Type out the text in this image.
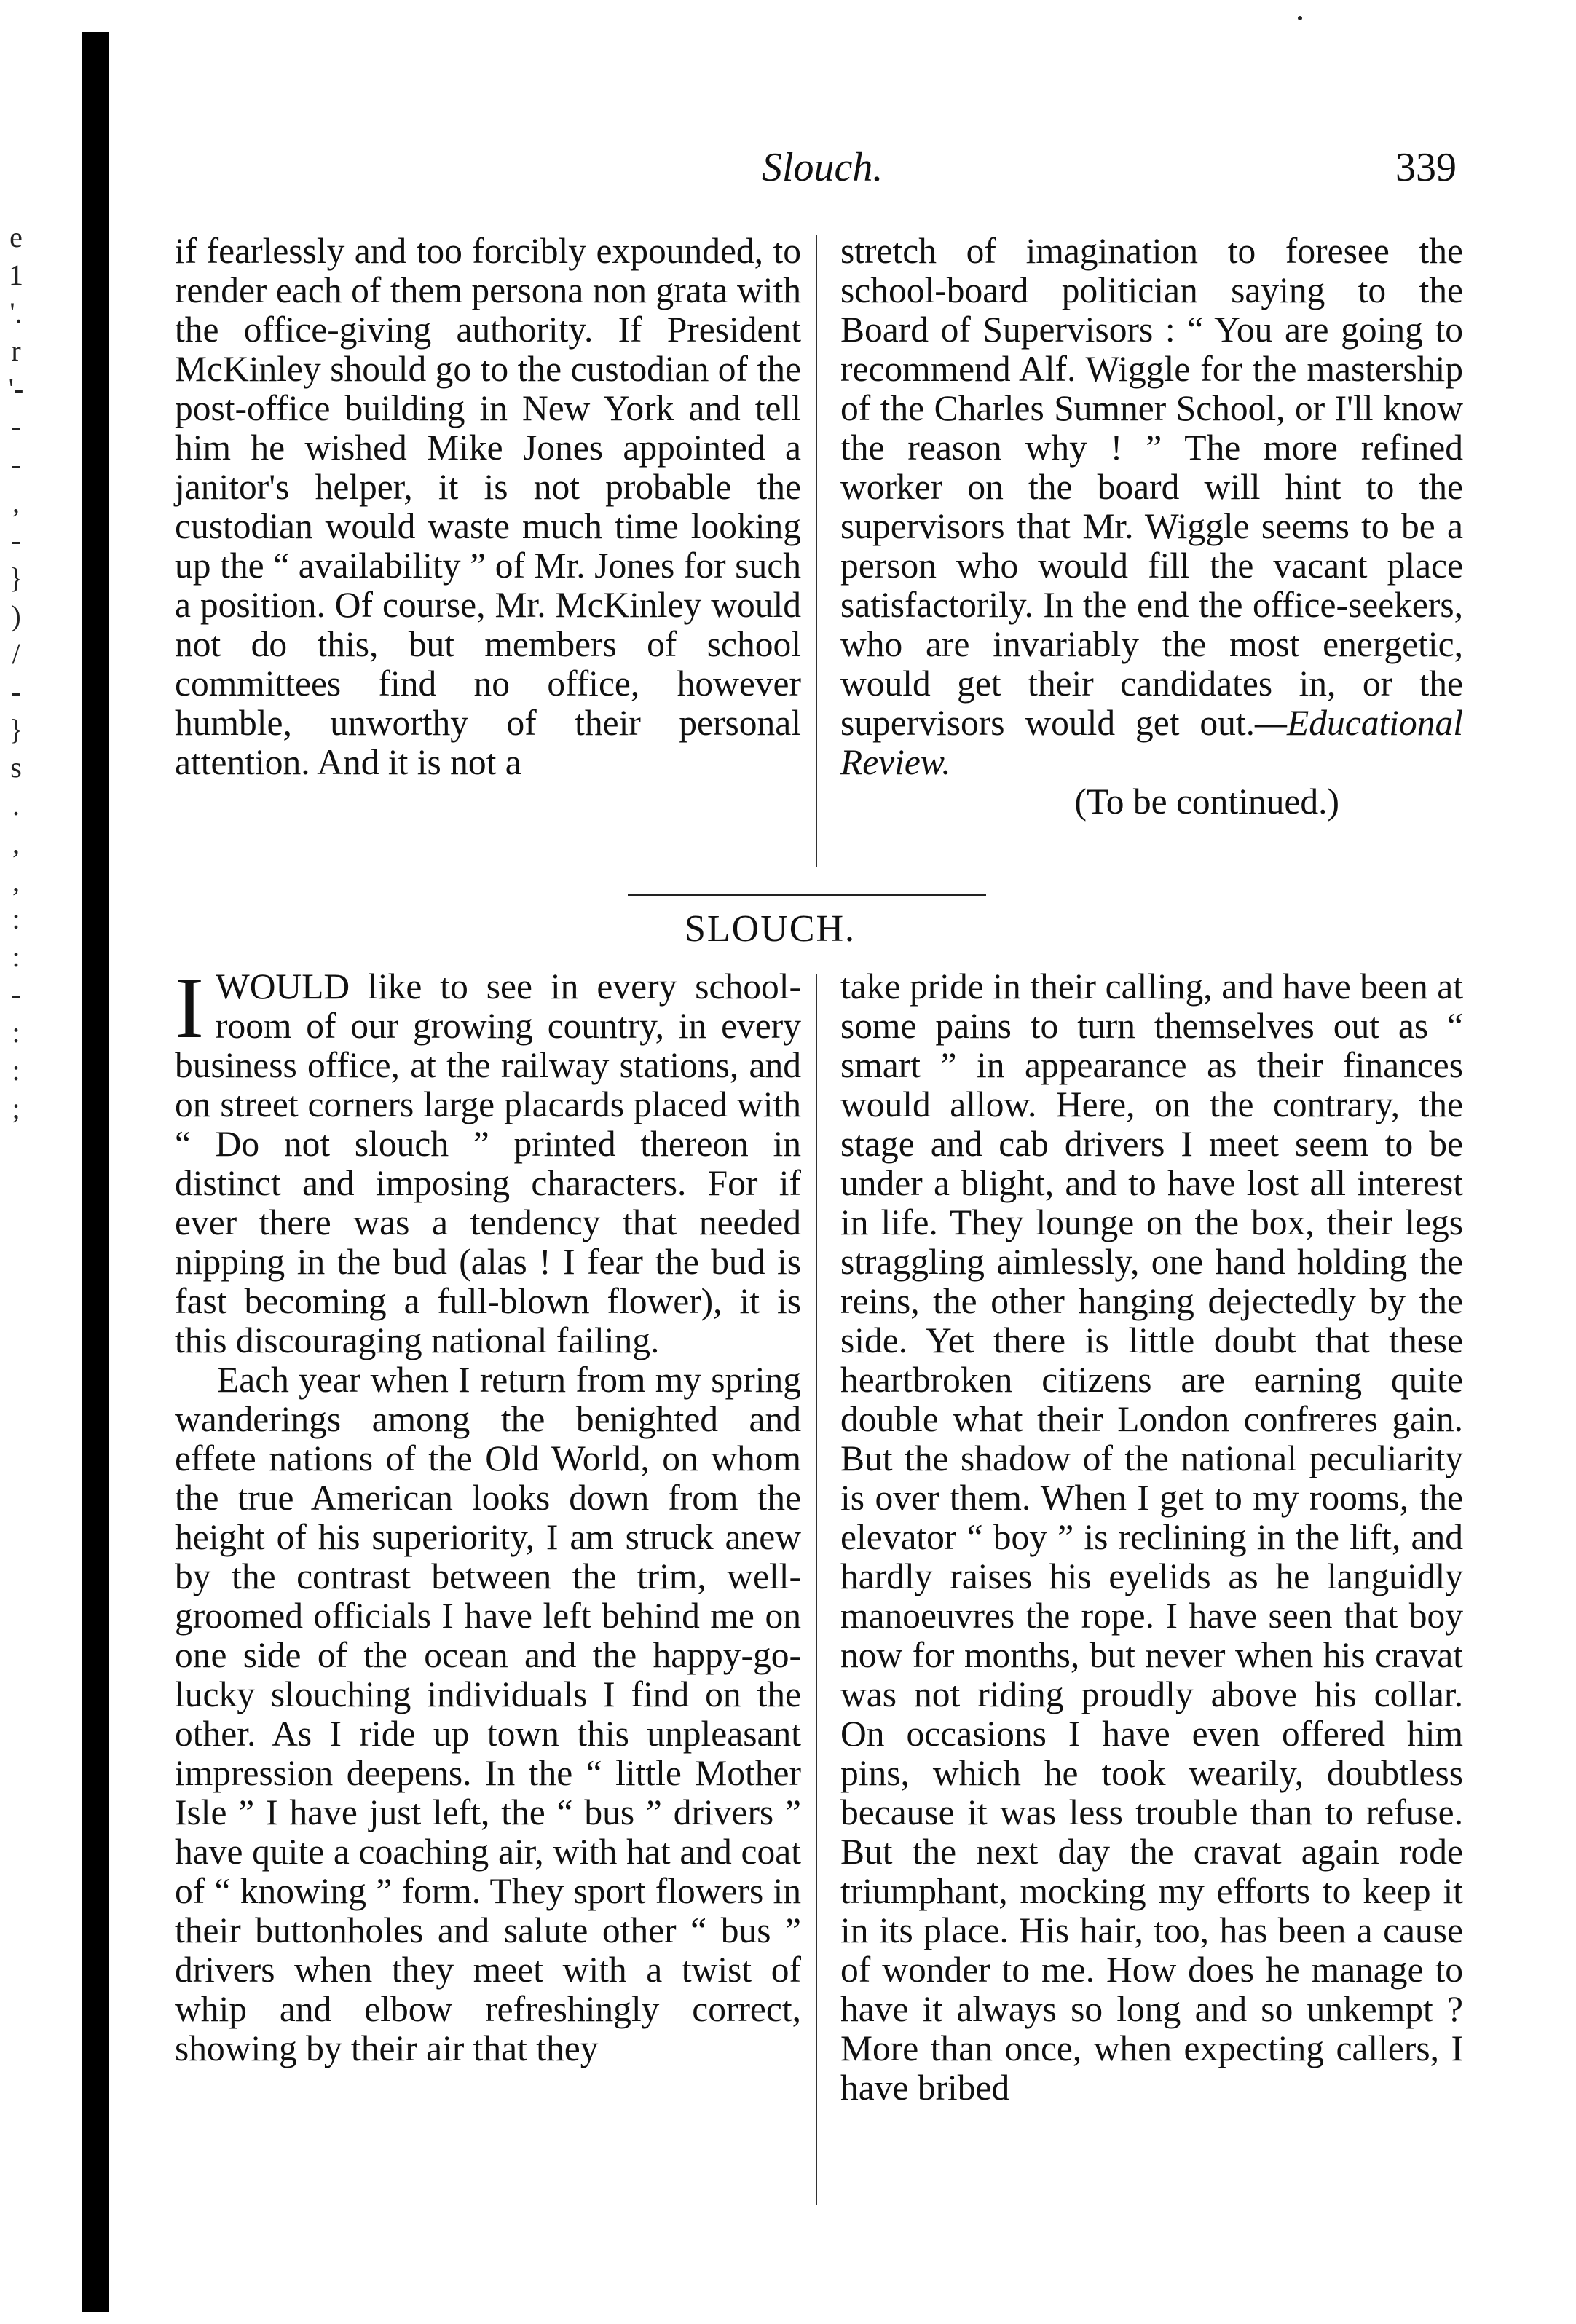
e
1
'.
r
'-
-
-
,
-
}
)
/
-
}
s
.
,
,
:
:
-
:
:
;
Slouch.	339

if fearlessly and too forcibly expounded, to render each of them persona non grata with the office-giving authority. If President McKinley should go to the custodian of the post-office building in New York and tell him he wished Mike Jones appointed a janitor's helper, it is not probable the custodian would waste much time looking up the “ availability ” of Mr. Jones for such a position. Of course, Mr. McKinley would not do this, but members of school committees find no office, however humble, unworthy of their personal attention. And it is not a

stretch of imagination to foresee the school-board politician saying to the Board of Supervisors : “ You are going to recommend Alf. Wiggle for the mastership of the Charles Sumner School, or I'll know the reason why ! ” The more refined worker on the board will hint to the supervisors that Mr. Wiggle seems to be a person who would fill the vacant place satisfactorily. In the end the office-seekers, who are invariably the most energetic, would get their candidates in, or the supervisors would get out.—Educational Review.

(To be continued.)

SLOUCH.

IWOULD like to see in every school-room of our growing country, in every business office, at the railway stations, and on street corners large placards placed with “ Do not slouch ” printed thereon in distinct and imposing characters. For if ever there was a tendency that needed nipping in the bud (alas ! I fear the bud is fast becoming a full-blown flower), it is this discouraging national failing.

Each year when I return from my spring wanderings among the benighted and effete nations of the Old World, on whom the true American looks down from the height of his superiority, I am struck anew by the contrast between the trim, well-groomed officials I have left behind me on one side of the ocean and the happy-go-lucky slouching individuals I find on the other. As I ride up town this unpleasant impression deepens. In the “ little Mother Isle ” I have just left, the “ bus ” drivers ” have quite a coaching air, with hat and coat of “ knowing ” form. They sport flowers in their buttonholes and salute other “ bus ” drivers when they meet with a twist of whip and elbow refreshingly correct, showing by their air that they

take pride in their calling, and have been at some pains to turn themselves out as “ smart ” in appearance as their finances would allow. Here, on the contrary, the stage and cab drivers I meet seem to be under a blight, and to have lost all interest in life. They lounge on the box, their legs straggling aimlessly, one hand holding the reins, the other hanging dejectedly by the side. Yet there is little doubt that these heartbroken citizens are earning quite double what their London confreres gain. But the shadow of the national peculiarity is over them. When I get to my rooms, the elevator “ boy ” is reclining in the lift, and hardly raises his eyelids as he languidly manoeuvres the rope. I have seen that boy now for months, but never when his cravat was not riding proudly above his collar. On occasions I have even offered him pins, which he took wearily, doubtless because it was less trouble than to refuse. But the next day the cravat again rode triumphant, mocking my efforts to keep it in its place. His hair, too, has been a cause of wonder to me. How does he manage to have it always so long and so unkempt ? More than once, when expecting callers, I have bribed
